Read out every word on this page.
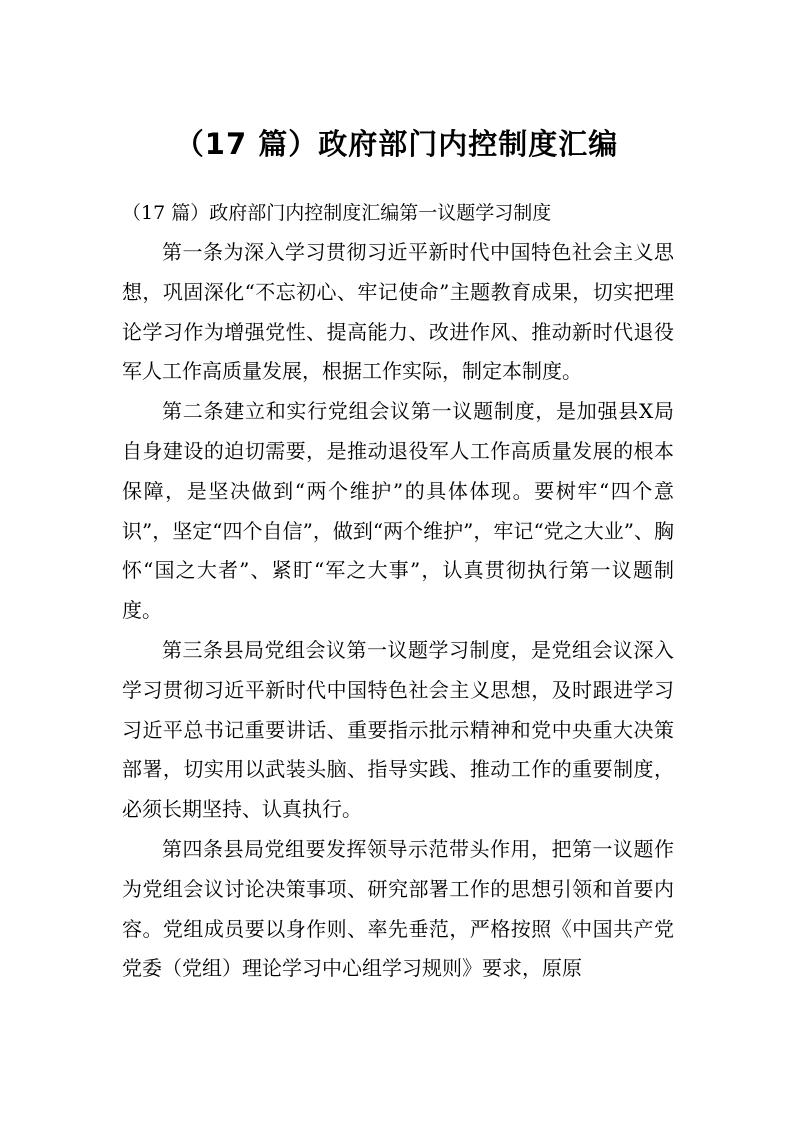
（17 篇）政府部门内控制度汇编

（17 篇）政府部门内控制度汇编第一议题学习制度

第一条为深入学习贯彻习近平新时代中国特色社会主义思想，巩固深化“不忘初心、牢记使命”主题教育成果，切实把理论学习作为增强党性、提高能力、改进作风、推动新时代退役军人工作高质量发展，根据工作实际，制定本制度。

第二条建立和实行党组会议第一议题制度，是加强县X局自身建设的迫切需要，是推动退役军人工作高质量发展的根本保障，是坚决做到“两个维护”的具体体现。要树牢“四个意识”，坚定“四个自信”，做到“两个维护”，牢记“党之大业”、胸怀“国之大者”、紧盯“军之大事”，认真贯彻执行第一议题制度。

第三条县局党组会议第一议题学习制度，是党组会议深入学习贯彻习近平新时代中国特色社会主义思想，及时跟进学习习近平总书记重要讲话、重要指示批示精神和党中央重大决策部署，切实用以武装头脑、指导实践、推动工作的重要制度，必须长期坚持、认真执行。

第四条县局党组要发挥领导示范带头作用，把第一议题作为党组会议讨论决策事项、研究部署工作的思想引领和首要内容。党组成员要以身作则、率先垂范，严格按照《中国共产党党委（党组）理论学习中心组学习规则》要求，原原
